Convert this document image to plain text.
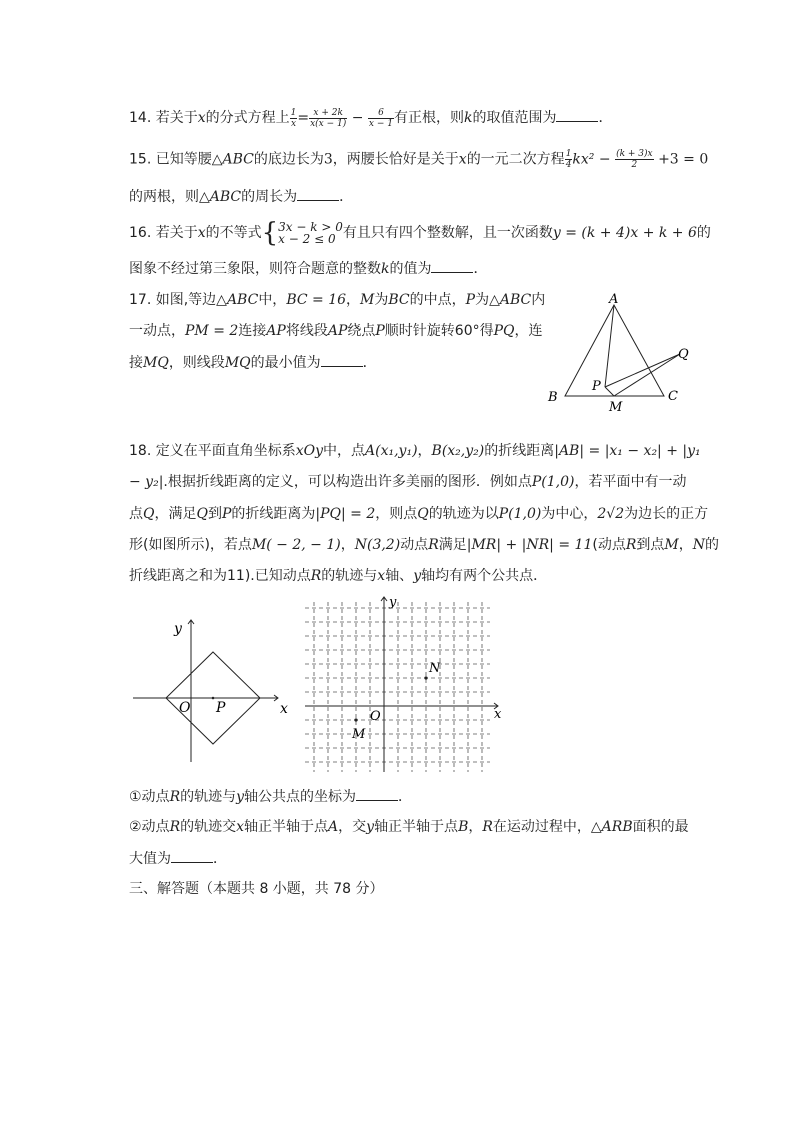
14. 若关于x的分式方程上 $\frac{1}{x} = \frac{x + 2k}{x(x - 1)} - \frac{6}{x - 1}$ 有正根，则k的取值范围为	．
15. 已知等腰△ABC的底边长为3，两腰长恰好是关于x的一元二次方程 $\frac{1}{4} kx^2 - \frac{(k + 3)x}{2} +3 = 0$
的两根，则△ABC的周长为	．
16. 若关于x的不等式{ 3x − k > 0
x − 2 ≤ 0 有且只有四个整数解，且一次函数y = (k + 4)x + k + 6的
图象不经过第三象限，则符合题意的整数k的值为	．
17. 如图,等边△ABC中，BC = 16，M为BC的中点，P为△ABC内
一动点，PM = 2连接AP将线段AP绕点P顺时针旋转60°得PQ，连
接MQ，则线段MQ的最小值为	．
A
B	C
M
P
Q
18. 定义在平面直角坐标系xOy中，点A(x₁,y₁)，B(x₂,y₂)的折线距离|AB| = |x₁ − x₂| + |y₁
− y₂|.根据折线距离的定义，可以构造出许多美丽的图形．例如点P(1,0)，若平面中有一动
点Q，满足Q到P的折线距离为|PQ| = 2，则点Q的轨迹为以P(1,0)为中心，2√2为边长的正方
形(如图所示)，若点M( − 2, − 1)，N(3,2)动点R满足|MR| + |NR| = 11(动点R到点M，N的
折线距离之和为11).已知动点R的轨迹与x轴、y轴均有两个公共点．
y
x
O P
y
x
O
M
N
①动点R的轨迹与y轴公共点的坐标为	．
②动点R的轨迹交x轴正半轴于点A，交y轴正半轴于点B，R在运动过程中，△ARB面积的最
大值为	．
三、解答题（本题共 8 小题，共 78 分）
